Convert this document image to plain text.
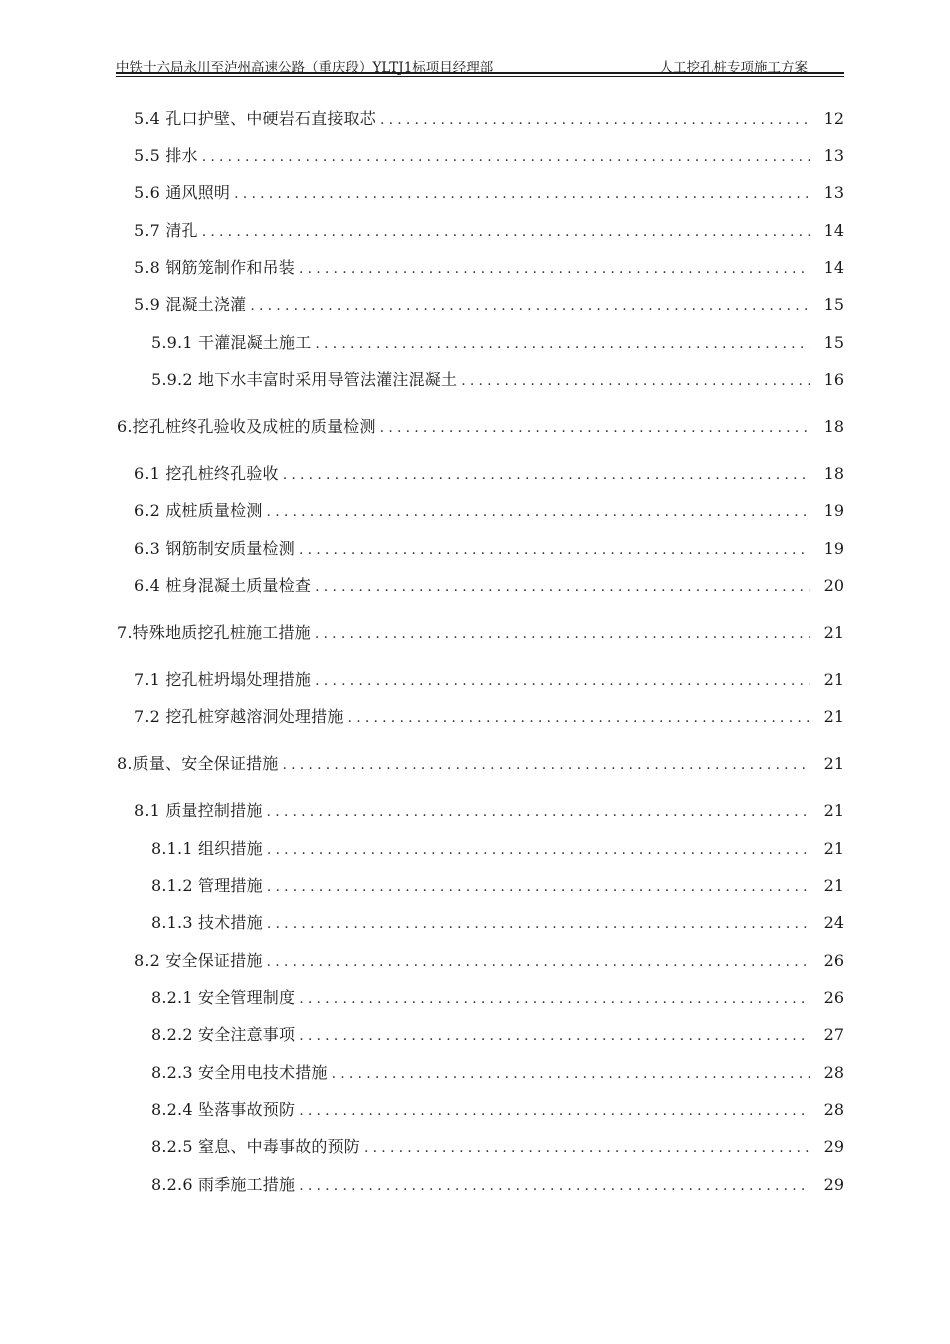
中铁十六局永川至泸州高速公路（重庆段）YLTJ1标项目经理部	人工挖孔桩专项施工方案
5.4 孔口护壁、中硬岩石直接取芯 .....	12
5.5 排水 .....	13
5.6 通风照明 .....	13
5.7 清孔 .....	14
5.8 钢筋笼制作和吊装 .....	14
5.9 混凝土浇灌 .....	15
5.9.1 干灌混凝土施工 .....	15
5.9.2 地下水丰富时采用导管法灌注混凝土 .....	16
6.挖孔桩终孔验收及成桩的质量检测 .....	18
6.1 挖孔桩终孔验收 .....	18
6.2 成桩质量检测 .....	19
6.3 钢筋制安质量检测 .....	19
6.4 桩身混凝土质量检查 .....	20
7.特殊地质挖孔桩施工措施 .....	21
7.1 挖孔桩坍塌处理措施 .....	21
7.2 挖孔桩穿越溶洞处理措施 .....	21
8.质量、安全保证措施 .....	21
8.1 质量控制措施 .....	21
8.1.1 组织措施 .....	21
8.1.2 管理措施 .....	21
8.1.3 技术措施 .....	24
8.2 安全保证措施 .....	26
8.2.1 安全管理制度 .....	26
8.2.2 安全注意事项 .....	27
8.2.3 安全用电技术措施 .....	28
8.2.4 坠落事故预防 .....	28
8.2.5 窒息、中毒事故的预防 .....	29
8.2.6 雨季施工措施 .....	29
